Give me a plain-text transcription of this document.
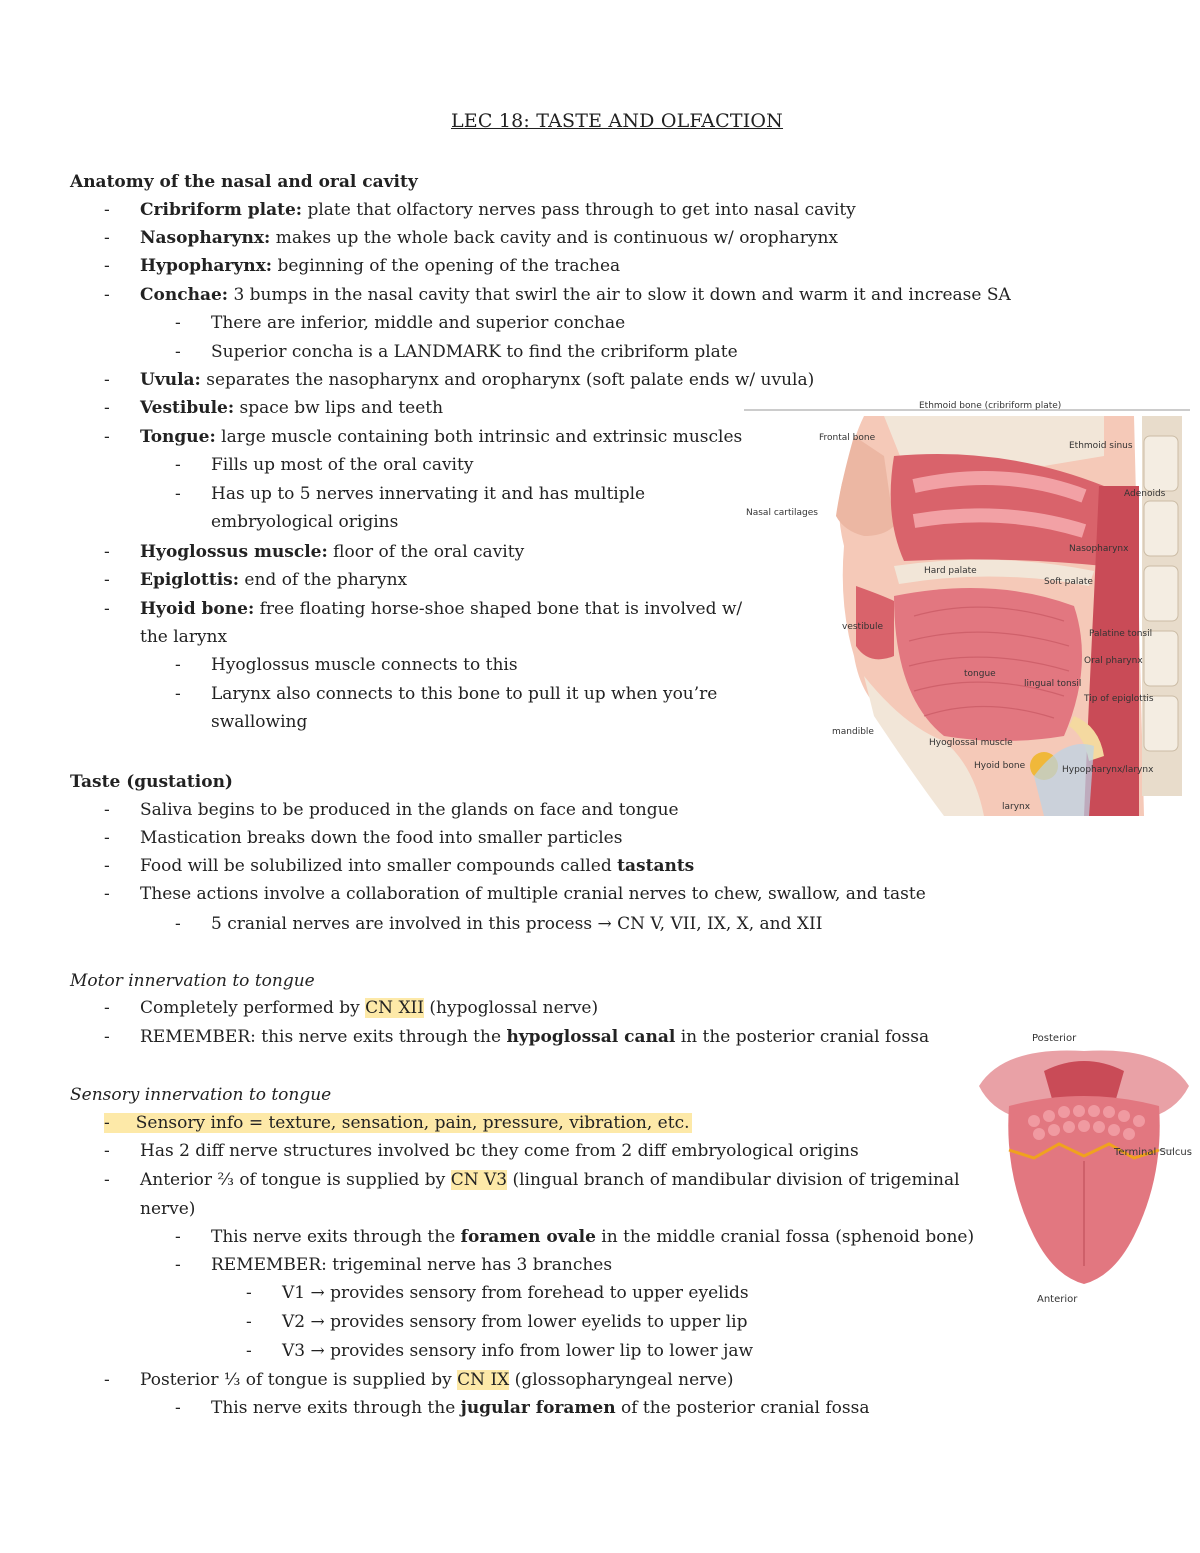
LEC 18: TASTE AND OLFACTION
Anatomy of the nasal and oral cavity
- Cribriform plate: plate that olfactory nerves pass through to get into nasal cavity
- Nasopharynx: makes up the whole back cavity and is continuous w/ oropharynx
- Hypopharynx: beginning of the opening of the trachea
- Conchae: 3 bumps in the nasal cavity that swirl the air to slow it down and warm it and increase SA
- There are inferior, middle and superior conchae
- Superior concha is a LANDMARK to find the cribriform plate
- Uvula: separates the nasopharynx and oropharynx (soft palate ends w/ uvula)
- Vestibule: space bw lips and teeth
- Tongue: large muscle containing both intrinsic and extrinsic muscles
- Fills up most of the oral cavity
- Has up to 5 nerves innervating it and has multiple
embryological origins
- Hyoglossus muscle: floor of the oral cavity
- Epiglottis: end of the pharynx
- Hyoid bone: free floating horse-shoe shaped bone that is involved w/
the larynx
- Hyoglossus muscle connects to this
- Larynx also connects to this bone to pull it up when you’re
swallowing
Taste (gustation)
- Saliva begins to be produced in the glands on face and tongue
- Mastication breaks down the food into smaller particles
- Food will be solubilized into smaller compounds called tastants
- These actions involve a collaboration of multiple cranial nerves to chew, swallow, and taste
- 5 cranial nerves are involved in this process → CN V, VII, IX, X, and XII
Motor innervation to tongue
- Completely performed by CN XII (hypoglossal nerve)
- REMEMBER: this nerve exits through the hypoglossal canal in the posterior cranial fossa
Sensory innervation to tongue
- Sensory info = texture, sensation, pain, pressure, vibration, etc.
- Has 2 diff nerve structures involved bc they come from 2 diff embryological origins
- Anterior ⅔ of tongue is supplied by CN V3 (lingual branch of mandibular division of trigeminal
nerve)
- This nerve exits through the foramen ovale in the middle cranial fossa (sphenoid bone)
- REMEMBER: trigeminal nerve has 3 branches
- V1 → provides sensory from forehead to upper eyelids
- V2 → provides sensory from lower eyelids to upper lip
- V3 → provides sensory info from lower lip to lower jaw
- Posterior ⅓ of tongue is supplied by CN IX (glossopharyngeal nerve)
- This nerve exits through the jugular foramen of the posterior cranial fossa
Ethmoid bone (cribriform plate)
Frontal bone
Ethmoid sinus
Adenoids
Nasal cartilages
Nasopharynx
Hard palate
Soft palate
vestibule
Palatine tonsil
Oral pharynx
tongue
lingual tonsil
Tip of epiglottis
mandible
Hyoglossal muscle
Hyoid bone	Hypopharynx/larynx
larynx
Posterior
Terminal Sulcus
Anterior
